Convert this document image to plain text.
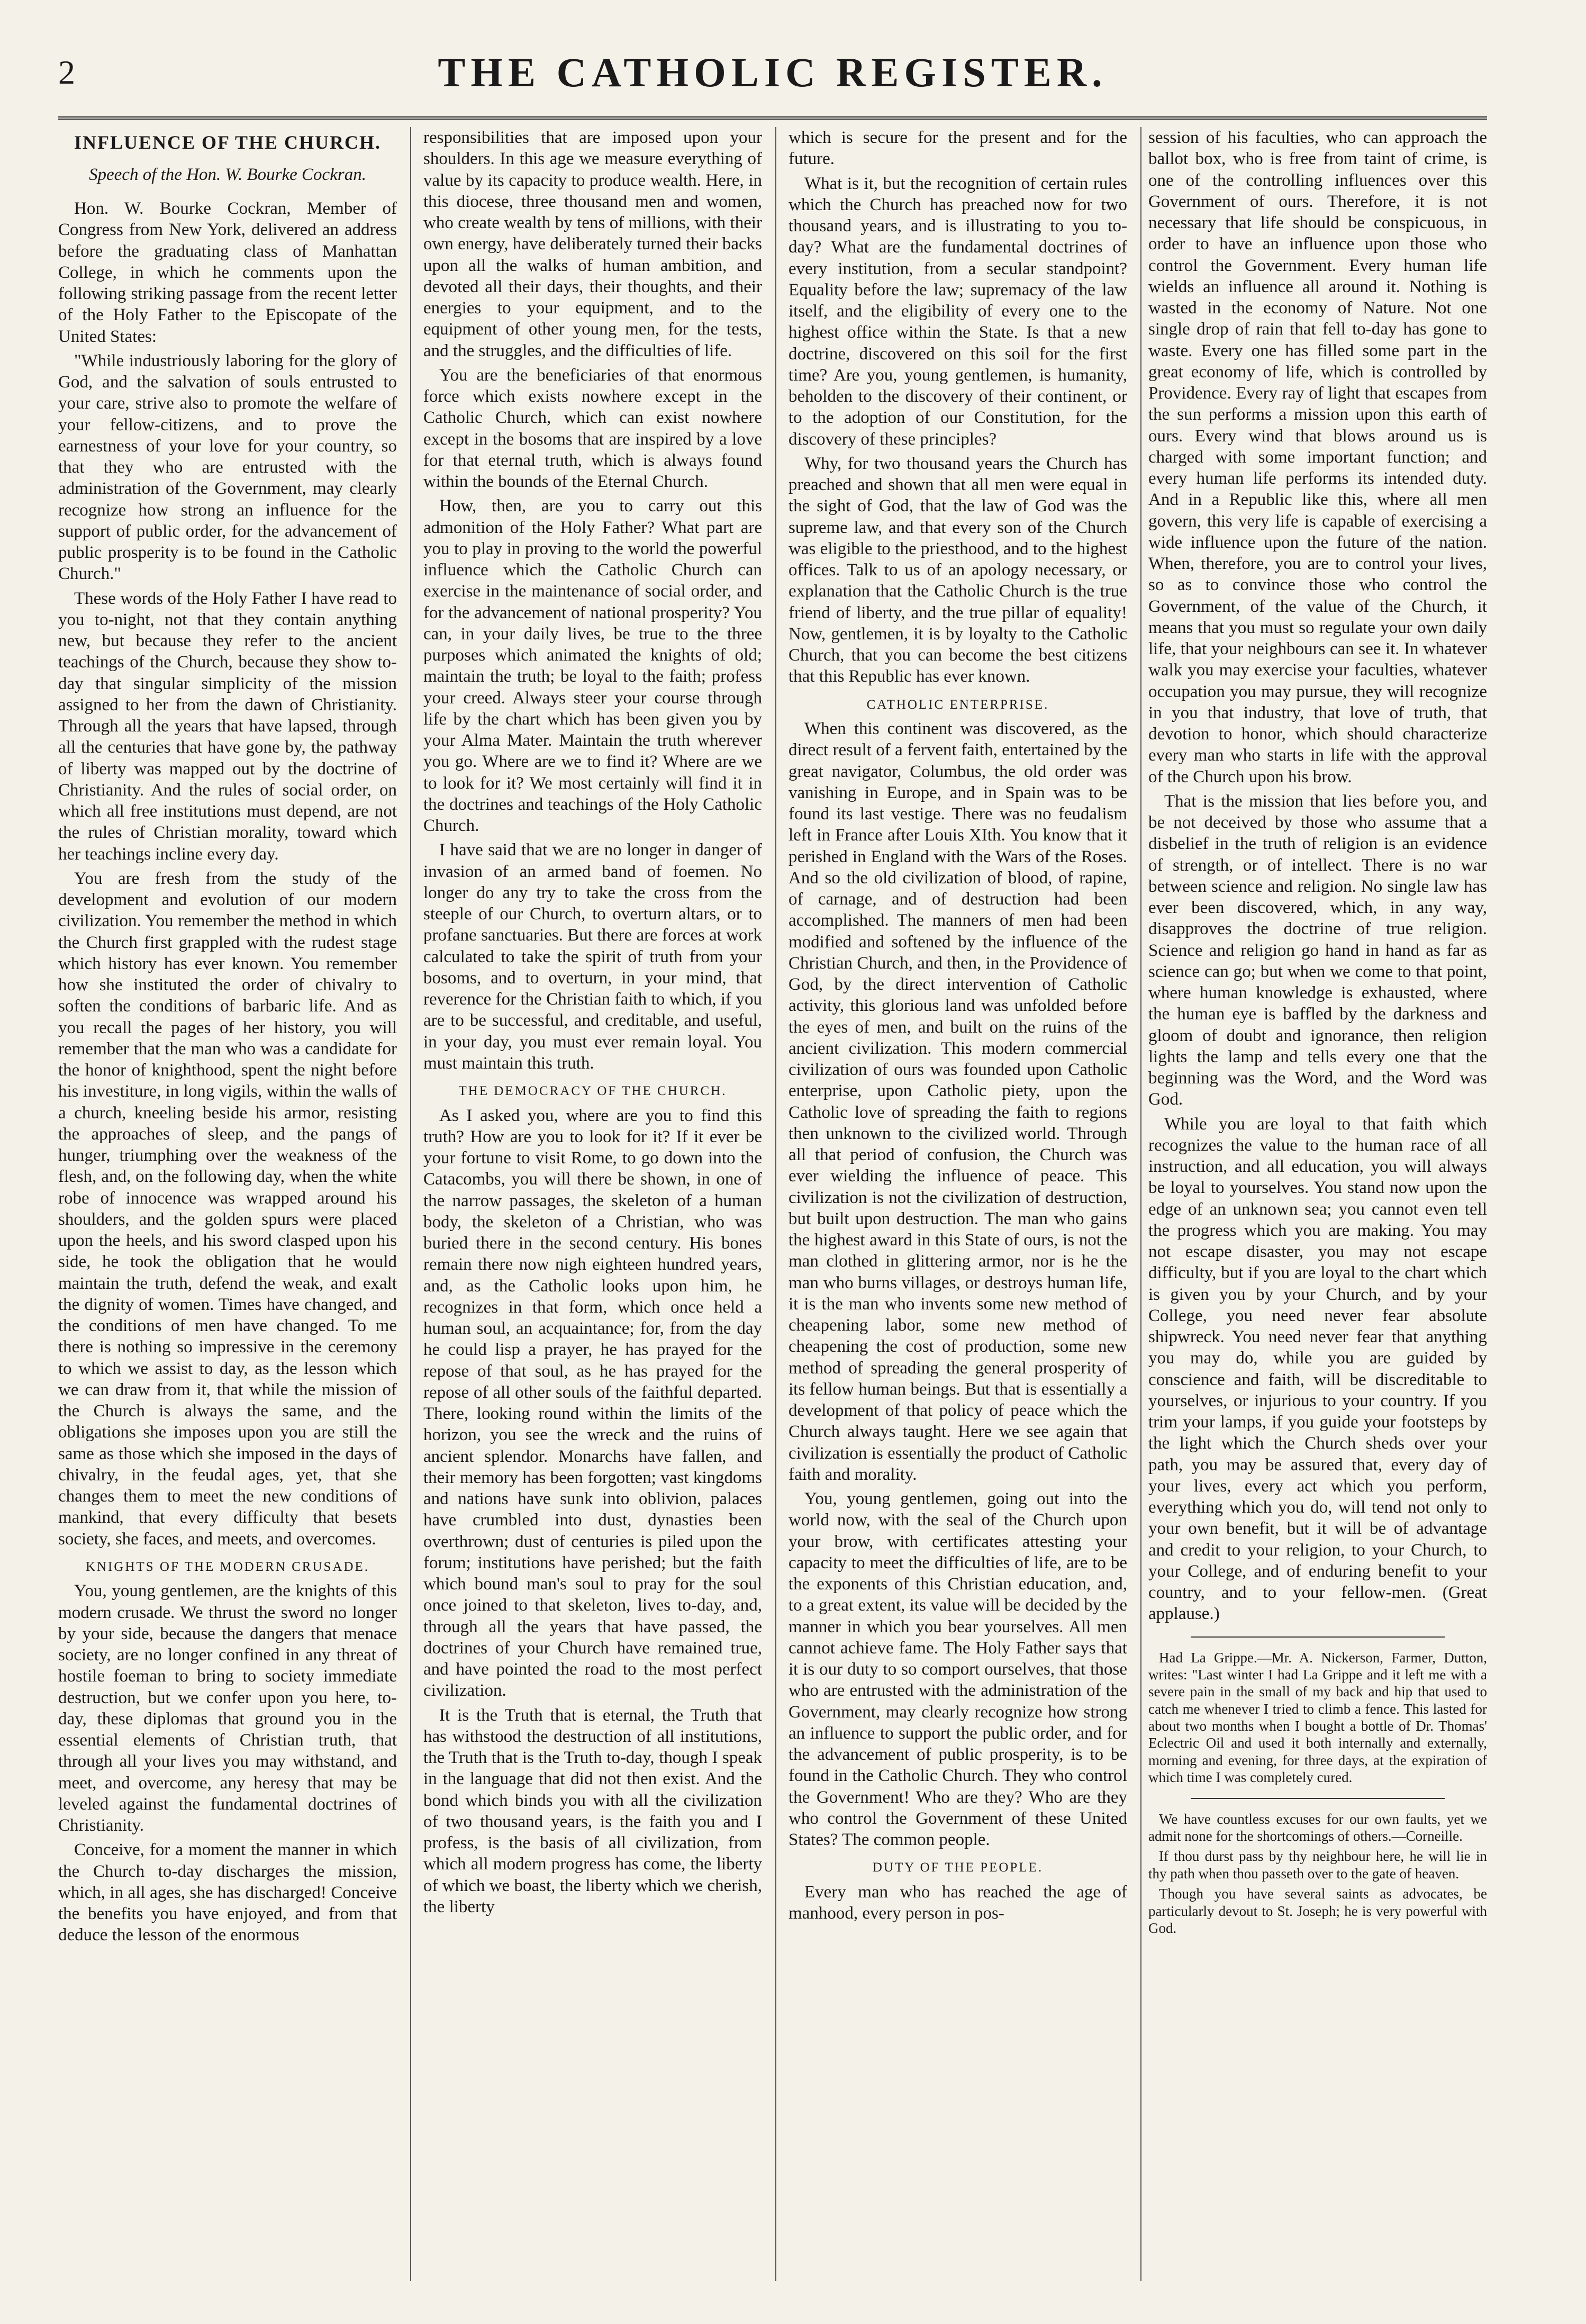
2	THE CATHOLIC REGISTER.
INFLUENCE OF THE CHURCH.
Speech of the Hon. W. Bourke Cockran.

Hon. W. Bourke Cockran, Member of Congress from New York, delivered an address before the graduating class of Manhattan College, in which he comments upon the following striking passage from the recent letter of the Holy Father to the Episcopate of the United States:

"While industriously laboring for the glory of God, and the salvation of souls entrusted to your care, strive also to promote the welfare of your fellow-citizens, and to prove the earnestness of your love for your country, so that they who are entrusted with the administration of the Government, may clearly recognize how strong an influence for the support of public order, for the advancement of public prosperity is to be found in the Catholic Church."

These words of the Holy Father I have read to you to-night, not that they contain anything new, but because they refer to the ancient teachings of the Church, because they show to-day that singular simplicity of the mission assigned to her from the dawn of Christianity. Through all the years that have lapsed, through all the centuries that have gone by, the pathway of liberty was mapped out by the doctrine of Christianity. And the rules of social order, on which all free institutions must depend, are not the rules of Christian morality, toward which her teachings incline every day.

You are fresh from the study of the development and evolution of our modern civilization. You remember the method in which the Church first grappled with the rudest stage which history has ever known. You remember how she instituted the order of chivalry to soften the conditions of barbaric life. And as you recall the pages of her history, you will remember that the man who was a candidate for the honor of knighthood, spent the night before his investiture, in long vigils, within the walls of a church, kneeling beside his armor, resisting the approaches of sleep, and the pangs of hunger, triumphing over the weakness of the flesh, and, on the following day, when the white robe of innocence was wrapped around his shoulders, and the golden spurs were placed upon the heels, and his sword clasped upon his side, he took the obligation that he would maintain the truth, defend the weak, and exalt the dignity of women. Times have changed, and the conditions of men have changed. To me there is nothing so impressive in the ceremony to which we assist to day, as the lesson which we can draw from it, that while the mission of the Church is always the same, and the obligations she imposes upon you are still the same as those which she imposed in the days of chivalry, in the feudal ages, yet, that she changes them to meet the new conditions of mankind, that every difficulty that besets society, she faces, and meets, and overcomes.

KNIGHTS OF THE MODERN CRUSADE.

You, young gentlemen, are the knights of this modern crusade. We thrust the sword no longer by your side, because the dangers that menace society, are no longer confined in any threat of hostile foeman to bring to society immediate destruction, but we confer upon you here, to-day, these diplomas that ground you in the essential elements of Christian truth, that through all your lives you may withstand, and meet, and overcome, any heresy that may be leveled against the fundamental doctrines of Christianity.

Conceive, for a moment the manner in which the Church to-day discharges the mission, which, in all ages, she has discharged! Conceive the benefits you have enjoyed, and from that deduce the lesson of the enormous

responsibilities that are imposed upon your shoulders. In this age we measure everything of value by its capacity to produce wealth. Here, in this diocese, three thousand men and women, who create wealth by tens of millions, with their own energy, have deliberately turned their backs upon all the walks of human ambition, and devoted all their days, their thoughts, and their energies to your equipment, and to the equipment of other young men, for the tests, and the struggles, and the difficulties of life.

You are the beneficiaries of that enormous force which exists nowhere except in the Catholic Church, which can exist nowhere except in the bosoms that are inspired by a love for that eternal truth, which is always found within the bounds of the Eternal Church.

How, then, are you to carry out this admonition of the Holy Father? What part are you to play in proving to the world the powerful influence which the Catholic Church can exercise in the maintenance of social order, and for the advancement of national prosperity? You can, in your daily lives, be true to the three purposes which animated the knights of old; maintain the truth; be loyal to the faith; profess your creed. Always steer your course through life by the chart which has been given you by your Alma Mater. Maintain the truth wherever you go. Where are we to find it? Where are we to look for it? We most certainly will find it in the doctrines and teachings of the Holy Catholic Church.

I have said that we are no longer in danger of invasion of an armed band of foemen. No longer do any try to take the cross from the steeple of our Church, to overturn altars, or to profane sanctuaries. But there are forces at work calculated to take the spirit of truth from your bosoms, and to overturn, in your mind, that reverence for the Christian faith to which, if you are to be successful, and creditable, and useful, in your day, you must ever remain loyal. You must maintain this truth.

THE DEMOCRACY OF THE CHURCH.

As I asked you, where are you to find this truth? How are you to look for it? If it ever be your fortune to visit Rome, to go down into the Catacombs, you will there be shown, in one of the narrow passages, the skeleton of a human body, the skeleton of a Christian, who was buried there in the second century. His bones remain there now nigh eighteen hundred years, and, as the Catholic looks upon him, he recognizes in that form, which once held a human soul, an acquaintance; for, from the day he could lisp a prayer, he has prayed for the repose of that soul, as he has prayed for the repose of all other souls of the faithful departed. There, looking round within the limits of the horizon, you see the wreck and the ruins of ancient splendor. Monarchs have fallen, and their memory has been forgotten; vast kingdoms and nations have sunk into oblivion, palaces have crumbled into dust, dynasties been overthrown; dust of centuries is piled upon the forum; institutions have perished; but the faith which bound man's soul to pray for the soul once joined to that skeleton, lives to-day, and, through all the years that have passed, the doctrines of your Church have remained true, and have pointed the road to the most perfect civilization.

It is the Truth that is eternal, the Truth that has withstood the destruction of all institutions, the Truth that is the Truth to-day, though I speak in the language that did not then exist. And the bond which binds you with all the civilization of two thousand years, is the faith you and I profess, is the basis of all civilization, from which all modern progress has come, the liberty of which we boast, the liberty which we cherish, the liberty

which is secure for the present and for the future.

What is it, but the recognition of certain rules which the Church has preached now for two thousand years, and is illustrating to you to-day? What are the fundamental doctrines of every institution, from a secular standpoint? Equality before the law; supremacy of the law itself, and the eligibility of every one to the highest office within the State. Is that a new doctrine, discovered on this soil for the first time? Are you, young gentlemen, is humanity, beholden to the discovery of their continent, or to the adoption of our Constitution, for the discovery of these principles?

Why, for two thousand years the Church has preached and shown that all men were equal in the sight of God, that the law of God was the supreme law, and that every son of the Church was eligible to the priesthood, and to the highest offices. Talk to us of an apology necessary, or explanation that the Catholic Church is the true friend of liberty, and the true pillar of equality! Now, gentlemen, it is by loyalty to the Catholic Church, that you can become the best citizens that this Republic has ever known.

CATHOLIC ENTERPRISE.

When this continent was discovered, as the direct result of a fervent faith, entertained by the great navigator, Columbus, the old order was vanishing in Europe, and in Spain was to be found its last vestige. There was no feudalism left in France after Louis XIth. You know that it perished in England with the Wars of the Roses. And so the old civilization of blood, of rapine, of carnage, and of destruction had been accomplished. The manners of men had been modified and softened by the influence of the Christian Church, and then, in the Providence of God, by the direct intervention of Catholic activity, this glorious land was unfolded before the eyes of men, and built on the ruins of the ancient civilization. This modern commercial civilization of ours was founded upon Catholic enterprise, upon Catholic piety, upon the Catholic love of spreading the faith to regions then unknown to the civilized world. Through all that period of confusion, the Church was ever wielding the influence of peace. This civilization is not the civilization of destruction, but built upon destruction. The man who gains the highest award in this State of ours, is not the man clothed in glittering armor, nor is he the man who burns villages, or destroys human life, it is the man who invents some new method of cheapening labor, some new method of cheapening the cost of production, some new method of spreading the general prosperity of its fellow human beings. But that is essentially a development of that policy of peace which the Church always taught. Here we see again that civilization is essentially the product of Catholic faith and morality.

You, young gentlemen, going out into the world now, with the seal of the Church upon your brow, with certificates attesting your capacity to meet the difficulties of life, are to be the exponents of this Christian education, and, to a great extent, its value will be decided by the manner in which you bear yourselves. All men cannot achieve fame. The Holy Father says that it is our duty to so comport ourselves, that those who are entrusted with the administration of the Government, may clearly recognize how strong an influence to support the public order, and for the advancement of public prosperity, is to be found in the Catholic Church. They who control the Government! Who are they? Who are they who control the Government of these United States? The common people.

DUTY OF THE PEOPLE.

Every man who has reached the age of manhood, every person in pos-

session of his faculties, who can approach the ballot box, who is free from taint of crime, is one of the controlling influences over this Government of ours. Therefore, it is not necessary that life should be conspicuous, in order to have an influence upon those who control the Government. Every human life wields an influence all around it. Nothing is wasted in the economy of Nature. Not one single drop of rain that fell to-day has gone to waste. Every one has filled some part in the great economy of life, which is controlled by Providence. Every ray of light that escapes from the sun performs a mission upon this earth of ours. Every wind that blows around us is charged with some important function; and every human life performs its intended duty. And in a Republic like this, where all men govern, this very life is capable of exercising a wide influence upon the future of the nation. When, therefore, you are to control your lives, so as to convince those who control the Government, of the value of the Church, it means that you must so regulate your own daily life, that your neighbours can see it. In whatever walk you may exercise your faculties, whatever occupation you may pursue, they will recognize in you that industry, that love of truth, that devotion to honor, which should characterize every man who starts in life with the approval of the Church upon his brow.

That is the mission that lies before you, and be not deceived by those who assume that a disbelief in the truth of religion is an evidence of strength, or of intellect. There is no war between science and religion. No single law has ever been discovered, which, in any way, disapproves the doctrine of true religion. Science and religion go hand in hand as far as science can go; but when we come to that point, where human knowledge is exhausted, where the human eye is baffled by the darkness and gloom of doubt and ignorance, then religion lights the lamp and tells every one that the beginning was the Word, and the Word was God.

While you are loyal to that faith which recognizes the value to the human race of all instruction, and all education, you will always be loyal to yourselves. You stand now upon the edge of an unknown sea; you cannot even tell the progress which you are making. You may not escape disaster, you may not escape difficulty, but if you are loyal to the chart which is given you by your Church, and by your College, you need never fear absolute shipwreck. You need never fear that anything you may do, while you are guided by conscience and faith, will be discreditable to yourselves, or injurious to your country. If you trim your lamps, if you guide your footsteps by the light which the Church sheds over your path, you may be assured that, every day of your lives, every act which you perform, everything which you do, will tend not only to your own benefit, but it will be of advantage and credit to your religion, to your Church, to your College, and of enduring benefit to your country, and to your fellow-men. (Great applause.)

Had La Grippe.—Mr. A. Nickerson, Farmer, Dutton, writes: "Last winter I had La Grippe and it left me with a severe pain in the small of my back and hip that used to catch me whenever I tried to climb a fence. This lasted for about two months when I bought a bottle of Dr. Thomas' Eclectric Oil and used it both internally and externally, morning and evening, for three days, at the expiration of which time I was completely cured.

We have countless excuses for our own faults, yet we admit none for the shortcomings of others.—Corneille.

If thou durst pass by thy neighbour here, he will lie in thy path when thou passeth over to the gate of heaven.

Though you have several saints as advocates, be particularly devout to St. Joseph; he is very powerful with God.
